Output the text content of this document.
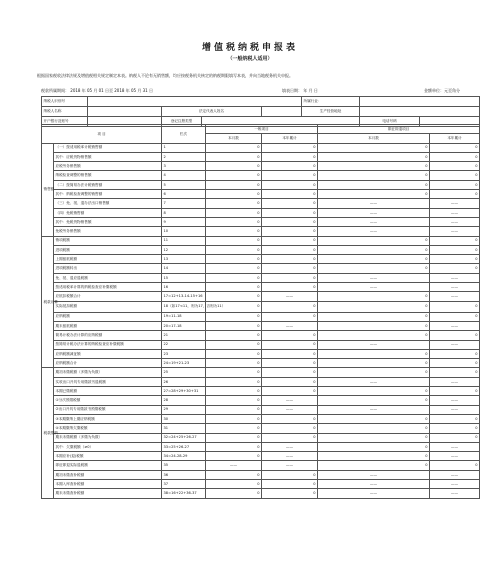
增值税纳税申报表
（一般纳税人适用）
根据国家税收法律法规及增值税相关规定制定本表。纳税人不论有无销售额，均应按税务机关核定的纳税期限填写本表，并向当地税务机关申报。
税款所属期间： 2018 年 05 月 01 日至 2018 年 05 月 31 日	填表日期： 年 月 日	金额单位：元至角分
纳税人识别号					所属行业：		
纳税人名称		法定代表人姓名			生产经营地址		
开户银行及账号		登记注册类型				电话号码	
项 目		栏次	一般项目		即征即退项目	
			本月数	本年累计	本月数	本年累计
销售额	（一）按适用税率计税销售额	1	0	0	0	0
	其中：应税货物销售额	2	0	0	0	0
	应税劳务销售额	3	0	0	0	0
	纳税检查调整的销售额	4	0	0	0	0
	（二）按简易办法计税销售额	5	0	0	0	0
	其中：纳税检查调整的销售额	6	0	0	0	0
	（三）免、抵、退办法出口销售额	7	0	0	——	——
	（四）免税销售额	8	0	0	——	——
	其中：免税货物销售额	9	0	0	——	——
	免税劳务销售额	10	0	0	——	——
税款计算	销项税额	11	0	0	0	0
	进项税额	12	0	0	0	0
	上期留抵税额	13	0	0	0	0
	进项税额转出	14	0	0	0	0
	免、抵、退应退税额	15	0	0	——	——
	按适用税率计算的纳税检查应补缴税额	16	0	0	——	——
	应抵扣税额合计	17=12+13-14-15+16	0	——	0	——
	实际抵扣税额	18（如17<11，则为17，否则为11）	0	0	0	0
	应纳税额	19=11-18	0	0	0	0
	期末留抵税额	20=17-18	0	——	0	——
	简易计税办法计算的应纳税额	21	0	0	0	0
	按简易计税办法计算的纳税检查应补缴税额	22	0	0	——	——
	应纳税额减征额	23	0	0	0	0
	应纳税额合计	24=19+21-23	0	0	0	0
税款缴纳	期初未缴税额（多缴为负数）	25	0	0	0	0
	实收出口开具专用缴款书退税额	26	0	0	——	——
	本期已缴税额	27=28+29+30+31	0	0	0	0
	①分次预缴税额	28	0	——	0	——
	②出口开具专用缴款书预缴税额	29	0	——	——	——
	③本期缴纳上期应纳税额	30	0	0	0	0
	④本期缴纳欠缴税额	31	0	0	0	0
	期末未缴税额（多缴为负数）	32=24+25+26-27	0	0	0	0
	其中：欠缴税额（≥0）	33=25+26-27	0	——	0	——
	本期应补(退)税额	34=24-28-29	0	——	0	——
	即征即退实际退税额	35	——	——	0	0
	期初未缴查补税额	36	0	0	——	——
	本期入库查补税额	37	0	0	——	——
	期末未缴查补税额	38=16+22+36-37	0	0	——	——
